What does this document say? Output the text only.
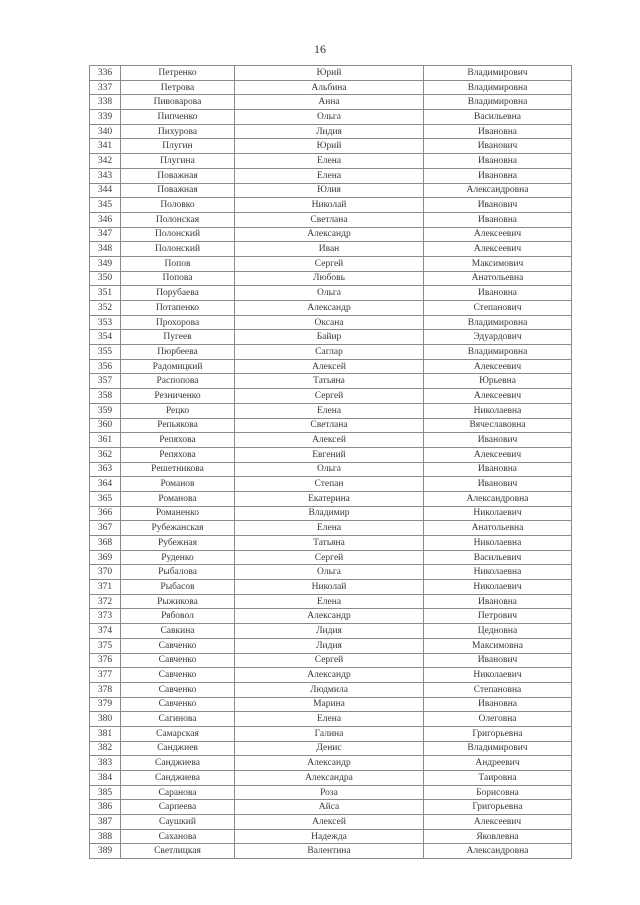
16
336	Петренко	Юрий	Владимирович
337	Петрова	Альбина	Владимировна
338	Пивоварова	Анна	Владимировна
339	Пипченко	Ольга	Васильевна
340	Пихурова	Лидия	Ивановна
341	Плугин	Юрий	Иванович
342	Плугина	Елена	Ивановна
343	Поважная	Елена	Ивановна
344	Поважная	Юлия	Александровна
345	Половко	Николай	Иванович
346	Полонская	Светлана	Ивановна
347	Полонский	Александр	Алексеевич
348	Полонский	Иван	Алексеевич
349	Попов	Сергей	Максимович
350	Попова	Любовь	Анатольевна
351	Порубаева	Ольга	Ивановна
352	Потапенко	Александр	Степанович
353	Прохорова	Оксана	Владимировна
354	Пугеев	Байир	Эдуардович
355	Пюрбеева	Саглар	Владимировна
356	Радомицкий	Алексей	Алексеевич
357	Распопова	Татьяна	Юрьевна
358	Резниченко	Сергей	Алексеевич
359	Рецко	Елена	Николаевна
360	Репьякова	Светлана	Вячеславовна
361	Репяхова	Алексей	Иванович
362	Репяхова	Евгений	Алексеевич
363	Решетникова	Ольга	Ивановна
364	Романов	Степан	Иванович
365	Романова	Екатерина	Александровна
366	Романенко	Владимир	Николаевич
367	Рубежанская	Елена	Анатольевна
368	Рубежная	Татьяна	Николаевна
369	Руденко	Сергей	Васильевич
370	Рыбалова	Ольга	Николаевна
371	Рыбасов	Николай	Николаевич
372	Рыжикова	Елена	Ивановна
373	Рябовол	Александр	Петрович
374	Савкина	Лидия	Цедновна
375	Савченко	Лидия	Максимовна
376	Савченко	Сергей	Иванович
377	Савченко	Александр	Николаевич
378	Савченко	Людмила	Степановна
379	Савченко	Марина	Ивановна
380	Сагинова	Елена	Олеговна
381	Самарская	Галина	Григорьевна
382	Санджиев	Денис	Владимирович
383	Санджиева	Александр	Андреевич
384	Санджиева	Александра	Таировна
385	Саранова	Роза	Борисовна
386	Сарпеева	Айса	Григорьевна
387	Саушкий	Алексей	Алексеевич
388	Саханова	Надежда	Яковлевна
389	Светлицкая	Валентина	Александровна
